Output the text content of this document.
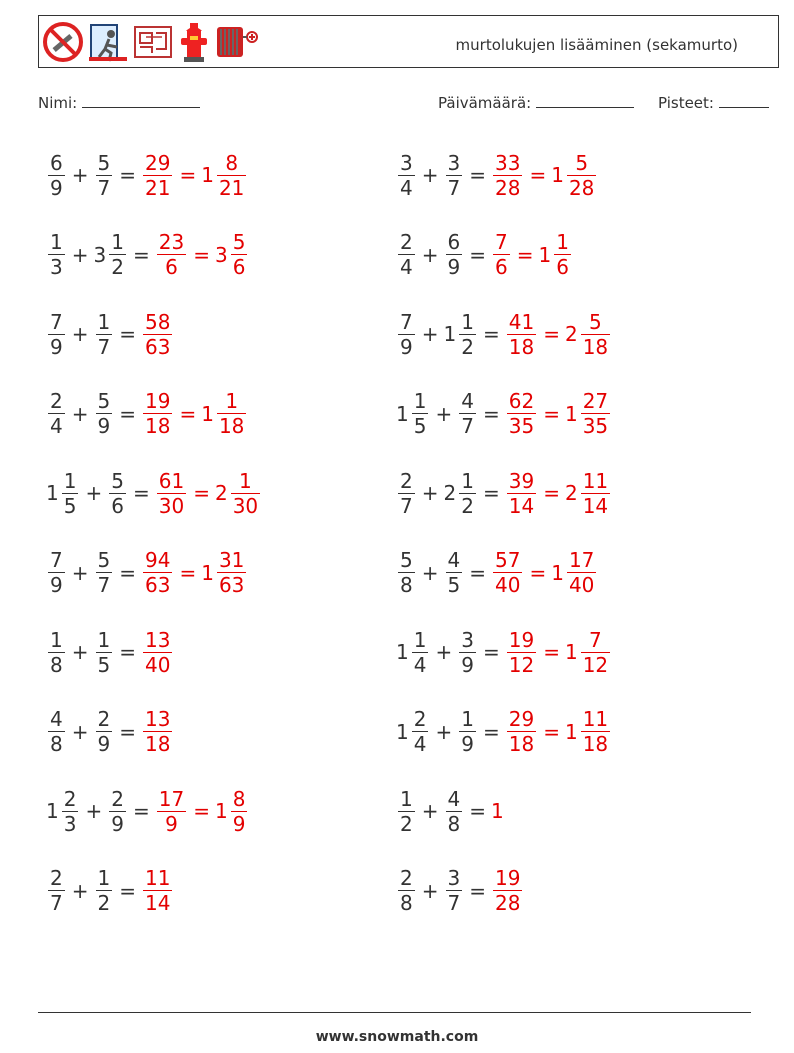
murtolukujen lisääminen (sekamurto)
Nimi:	Päivämäärä:	Pisteet:
$\frac{6}{9} + \frac{5}{7} = \frac{29}{21} = 1 \frac{8}{21}$	$\frac{3}{4} + \frac{3}{7} = \frac{33}{28} = 1 \frac{5}{28}$
$\frac{1}{3} + 3 \frac{1}{2} = \frac{23}{6} = 3 \frac{5}{6}$	$\frac{2}{4} + \frac{6}{9} = \frac{7}{6} = 1 \frac{1}{6}$
$\frac{7}{9} + \frac{1}{7} = \frac{58}{63}$	$\frac{7}{9} + 1 \frac{1}{2} = \frac{41}{18} = 2 \frac{5}{18}$
$\frac{2}{4} + \frac{5}{9} = \frac{19}{18} = 1 \frac{1}{18}$	$1 \frac{1}{5} + \frac{4}{7} = \frac{62}{35} = 1 \frac{27}{35}$
$1 \frac{1}{5} + \frac{5}{6} = \frac{61}{30} = 2 \frac{1}{30}$	$\frac{2}{7} + 2 \frac{1}{2} = \frac{39}{14} = 2 \frac{11}{14}$
$\frac{7}{9} + \frac{5}{7} = \frac{94}{63} = 1 \frac{31}{63}$	$\frac{5}{8} + \frac{4}{5} = \frac{57}{40} = 1 \frac{17}{40}$
$\frac{1}{8} + \frac{1}{5} = \frac{13}{40}$	$1 \frac{1}{4} + \frac{3}{9} = \frac{19}{12} = 1 \frac{7}{12}$
$\frac{4}{8} + \frac{2}{9} = \frac{13}{18}$	$1 \frac{2}{4} + \frac{1}{9} = \frac{29}{18} = 1 \frac{11}{18}$
$1 \frac{2}{3} + \frac{2}{9} = \frac{17}{9} = 1 \frac{8}{9}$	$\frac{1}{2} + \frac{4}{8} = 1$
$\frac{2}{7} + \frac{1}{2} = \frac{11}{14}$	$\frac{2}{8} + \frac{3}{7} = \frac{19}{28}$
www.snowmath.com
